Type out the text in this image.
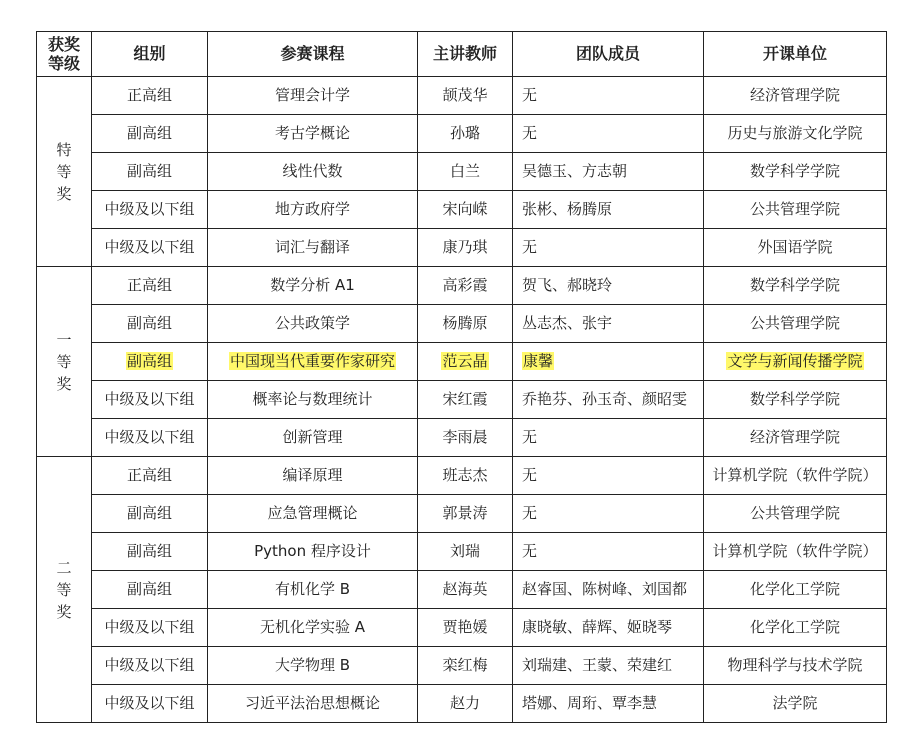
获奖
等级	组别	参赛课程	主讲教师	团队成员	开课单位

特
等
奖	正高组	管理会计学	颉茂华	无	经济管理学院
	副高组	考古学概论	孙璐	无	历史与旅游文化学院
	副高组	线性代数	白兰	吴德玉、方志朝	数学科学学院
	中级及以下组	地方政府学	宋向嵘	张彬、杨腾原	公共管理学院
	中级及以下组	词汇与翻译	康乃琪	无	外国语学院

一
等
奖	正高组	数学分析 A1	高彩霞	贺飞、郝晓玲	数学科学学院
	副高组	公共政策学	杨腾原	丛志杰、张宇	公共管理学院
	副高组	中国现当代重要作家研究	范云晶	康馨	文学与新闻传播学院
	中级及以下组	概率论与数理统计	宋红霞	乔艳芬、孙玉奇、颜昭雯	数学科学学院
	中级及以下组	创新管理	李雨晨	无	经济管理学院

二
等
奖	正高组	编译原理	班志杰	无	计算机学院（软件学院）
	副高组	应急管理概论	郭景涛	无	公共管理学院
	副高组	Python 程序设计	刘瑞	无	计算机学院（软件学院）
	副高组	有机化学 B	赵海英	赵睿国、陈树峰、刘国都	化学化工学院
	中级及以下组	无机化学实验 A	贾艳媛	康晓敏、薛辉、姬晓琴	化学化工学院
	中级及以下组	大学物理 B	栾红梅	刘瑞建、王蒙、荣建红	物理科学与技术学院
	中级及以下组	习近平法治思想概论	赵力	塔娜、周珩、覃李慧	法学院
